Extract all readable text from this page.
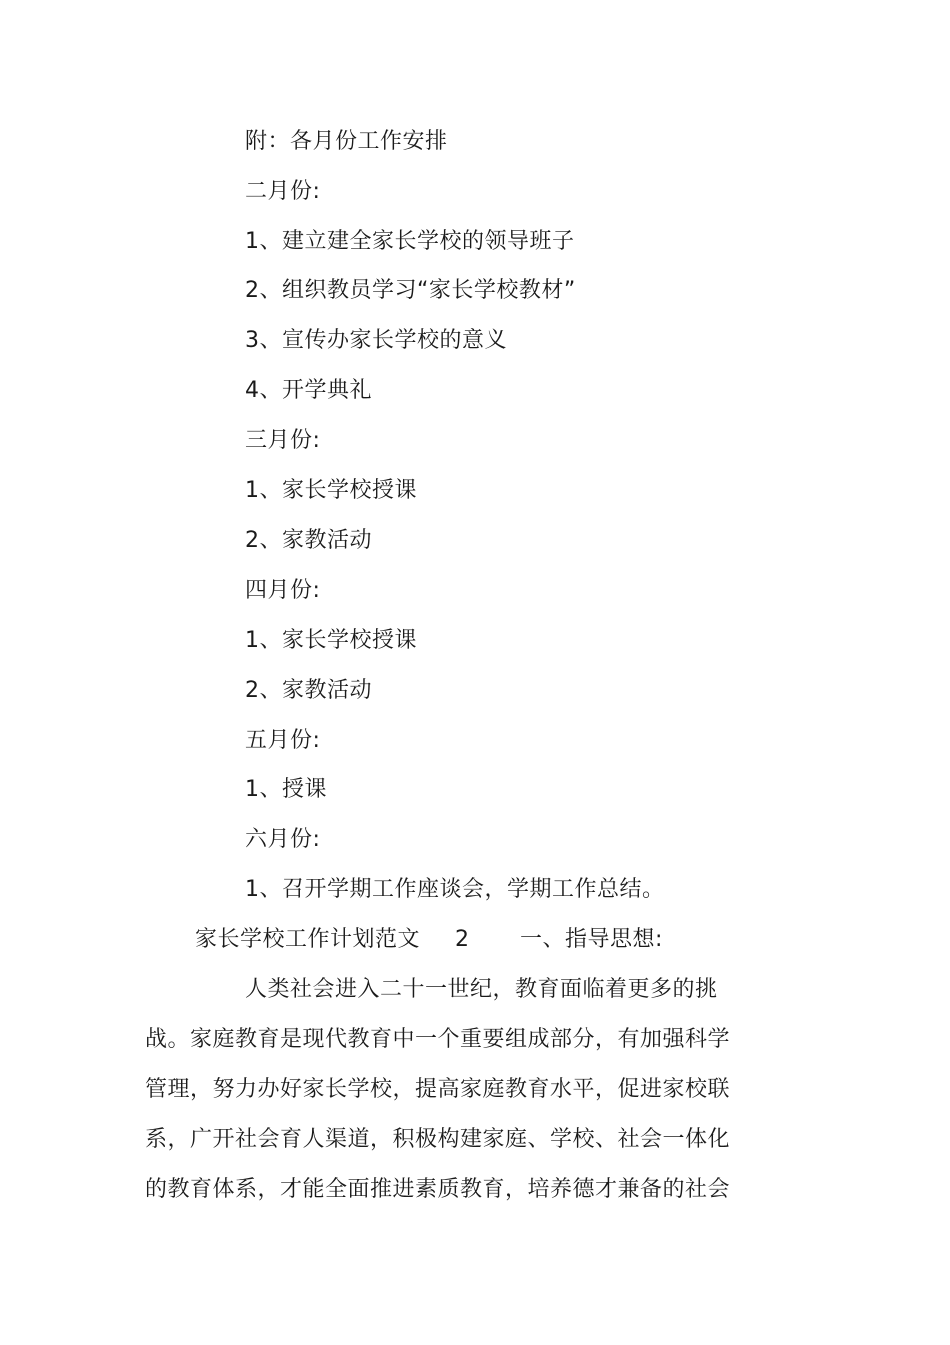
附：各月份工作安排
二月份:
1、建立建全家长学校的领导班子
2、组织教员学习“家长学校教材”
3、宣传办家长学校的意义
4、开学典礼
三月份:
1、家长学校授课
2、家教活动
四月份:
1、家长学校授课
2、家教活动
五月份:
1、授课
六月份:
1、召开学期工作座谈会，学期工作总结。
家长学校工作计划范文 2 一、指导思想:
人类社会进入二十一世纪，教育面临着更多的挑
战。家庭教育是现代教育中一个重要组成部分，有加强科学
管理，努力办好家长学校，提高家庭教育水平，促进家校联
系，广开社会育人渠道，积极构建家庭、学校、社会一体化
的教育体系，才能全面推进素质教育，培养德才兼备的社会
